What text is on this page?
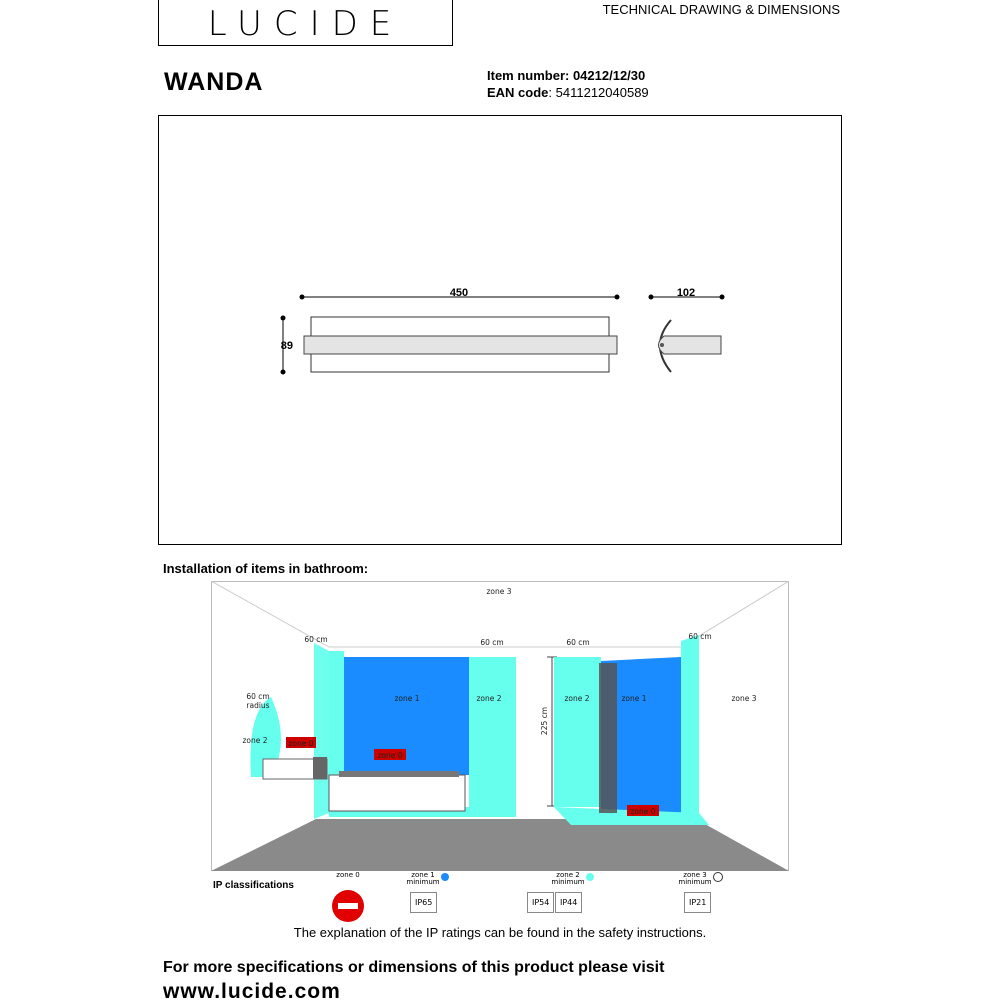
LUCIDE	TECHNICAL DRAWING & DIMENSIONS
WANDA	Item number: 04212/12/30
EAN code: 5411212040589
450
89
102
Installation of items in bathroom:
zone 3
zone 3
zone 1	zone 1
zone 2	zone 2
zone 2
60 cm	60 cm	60 cm
60 cm
60 cm
radius
225 cm
zone 0
zone 0
zone 0
IP classifications
zone 0	zone 1
minimum
IP65
zone 2
minimum
IP54	IP44
zone 3
minimum
IP21
The explanation of the IP ratings can be found in the safety instructions.
For more specifications or dimensions of this product please visit
www.lucide.com
